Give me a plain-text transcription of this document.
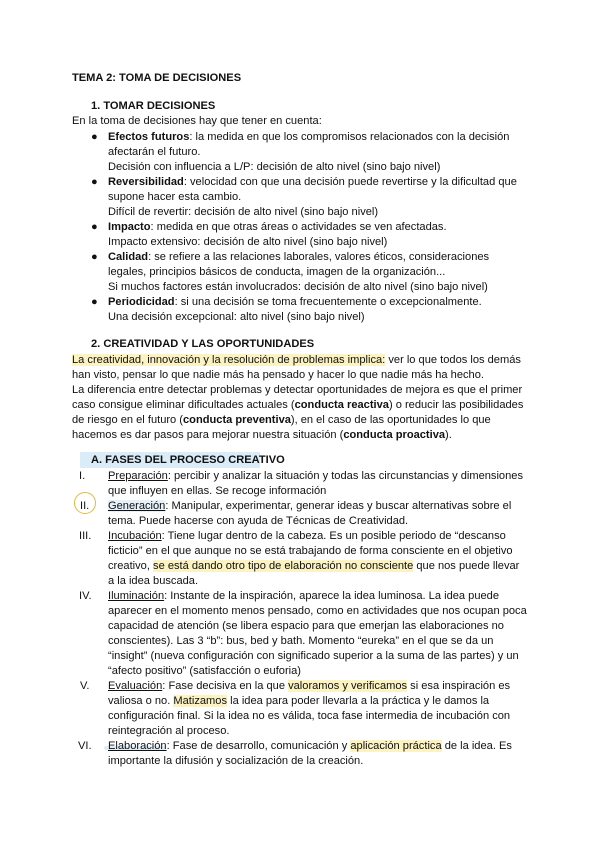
TEMA 2: TOMA DE DECISIONES
1. TOMAR DECISIONES
En la toma de decisiones hay que tener en cuenta:
● Efectos futuros: la medida en que los compromisos relacionados con la decisión
afectarán el futuro.
Decisión con influencia a L/P: decisión de alto nivel (sino bajo nivel)
● Reversibilidad: velocidad con que una decisión puede revertirse y la dificultad que
supone hacer esta cambio.
Difícil de revertir: decisión de alto nivel (sino bajo nivel)
● Impacto: medida en que otras áreas o actividades se ven afectadas.
Impacto extensivo: decisión de alto nivel (sino bajo nivel)
● Calidad: se refiere a las relaciones laborales, valores éticos, consideraciones
legales, principios básicos de conducta, imagen de la organización...
Si muchos factores están involucrados: decisión de alto nivel (sino bajo nivel)
● Periodicidad: si una decisión se toma frecuentemente o excepcionalmente.
Una decisión excepcional: alto nivel (sino bajo nivel)
2. CREATIVIDAD Y LAS OPORTUNIDADES
La creatividad, innovación y la resolución de problemas implica: ver lo que todos los demás
han visto, pensar lo que nadie más ha pensado y hacer lo que nadie más ha hecho.
La diferencia entre detectar problemas y detectar oportunidades de mejora es que el primer
caso consigue eliminar dificultades actuales (conducta reactiva) o reducir las posibilidades
de riesgo en el futuro (conducta preventiva), en el caso de las oportunidades lo que
hacemos es dar pasos para mejorar nuestra situación (conducta proactiva).
A. FASES DEL PROCESO CREATIVO
I. Preparación: percibir y analizar la situación y todas las circunstancias y dimensiones
que influyen en ellas. Se recoge información
II. Generación: Manipular, experimentar, generar ideas y buscar alternativas sobre el
tema. Puede hacerse con ayuda de Técnicas de Creatividad.
III. Incubación: Tiene lugar dentro de la cabeza. Es un posible periodo de “descanso
ficticio” en el que aunque no se está trabajando de forma consciente en el objetivo
creativo, se está dando otro tipo de elaboración no consciente que nos puede llevar
a la idea buscada.
IV. Iluminación: Instante de la inspiración, aparece la idea luminosa. La idea puede
aparecer en el momento menos pensado, como en actividades que nos ocupan poca
capacidad de atención (se libera espacio para que emerjan las elaboraciones no
conscientes). Las 3 “b”: bus, bed y bath. Momento “eureka” en el que se da un
“insight” (nueva configuración con significado superior a la suma de las partes) y un
“afecto positivo” (satisfacción o euforia)
V. Evaluación: Fase decisiva en la que valoramos y verificamos si esa inspiración es
valiosa o no. Matizamos la idea para poder llevarla a la práctica y le damos la
configuración final. Si la idea no es válida, toca fase intermedia de incubación con
reintegración al proceso.
VI. Elaboración: Fase de desarrollo, comunicación y aplicación práctica de la idea. Es
importante la difusión y socialización de la creación.
